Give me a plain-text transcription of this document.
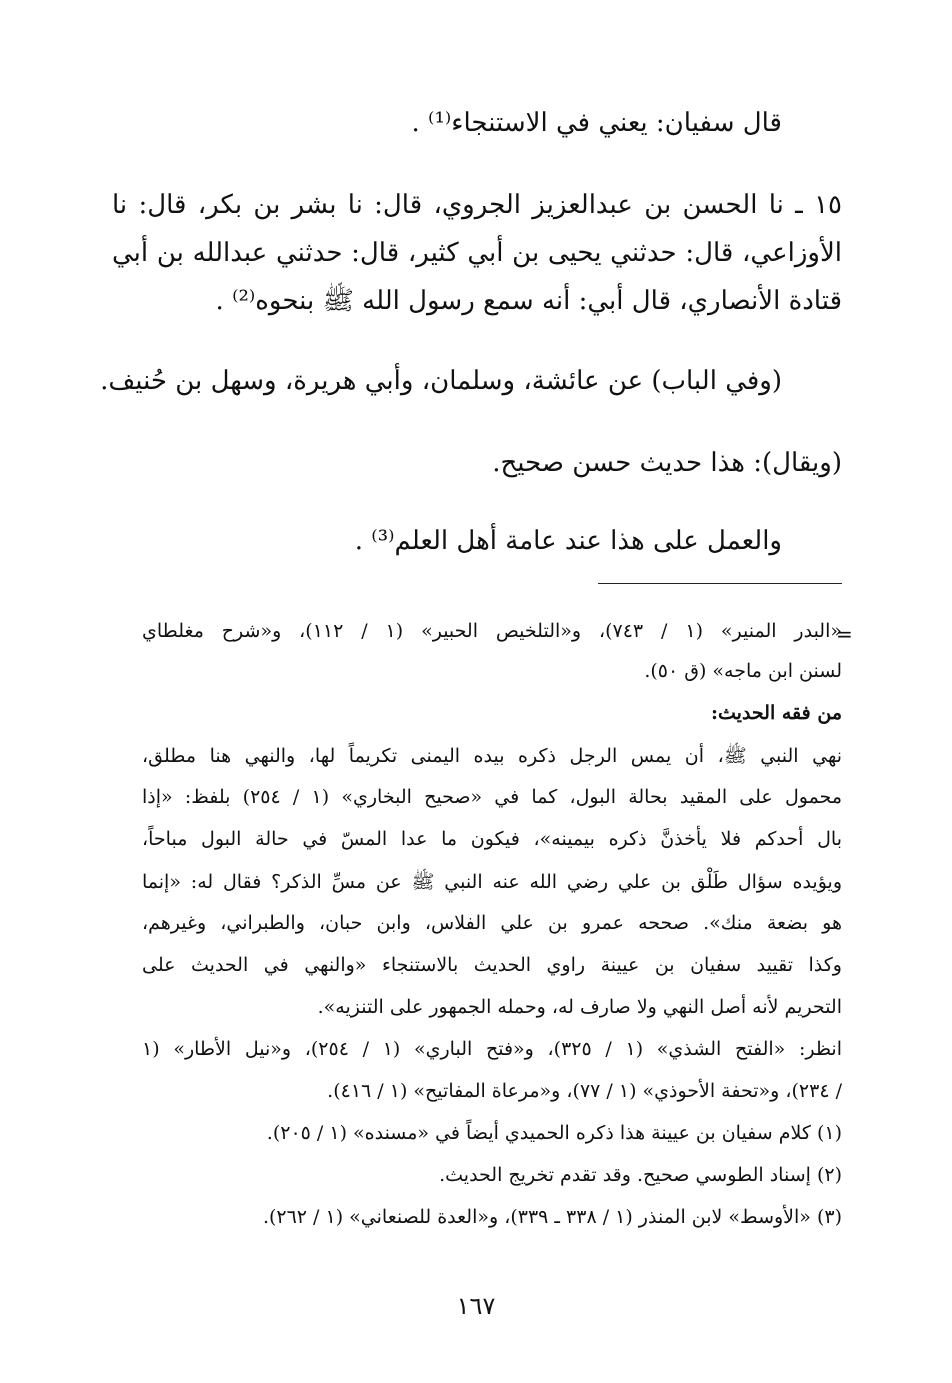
قال سفيان: يعني في الاستنجاء⁽¹⁾ .
١٥ ـ نا الحسن بن عبدالعزيز الجروي، قال: نا بشر بن بكر، قال: نا
الأوزاعي، قال: حدثني يحيى بن أبي كثير، قال: حدثني عبدالله بن أبي
قتادة الأنصاري، قال أبي: أنه سمع رسول الله ﷺ بنحوه⁽²⁾ .
(وفي الباب) عن عائشة، وسلمان، وأبي هريرة، وسهل بن حُنيف.
(ويقال): هذا حديث حسن صحيح.
والعمل على هذا عند عامة أهل العلم⁽³⁾ .
=
«البدر المنير» (١ / ٧٤٣)، و«التلخيص الحبير» (١ / ١١٢)، و«شرح مغلطاي
لسنن ابن ماجه» (ق ٥٠).
من فقه الحديث:
نهي النبي ﷺ، أن يمس الرجل ذكره بيده اليمنى تكريماً لها، والنهي هنا مطلق،
محمول على المقيد بحالة البول، كما في «صحيح البخاري» (١ / ٢٥٤) بلفظ: «إذا
بال أحدكم فلا يأخذنَّ ذكره بيمينه»، فيكون ما عدا المسّ في حالة البول مباحاً،
ويؤيده سؤال طَلْق بن علي رضي الله عنه النبي ﷺ عن مسِّ الذكر؟ فقال له: «إنما
هو بضعة منك». صححه عمرو بن علي الفلاس، وابن حبان، والطبراني، وغيرهم،
وكذا تقييد سفيان بن عيينة راوي الحديث بالاستنجاء «والنهي في الحديث على
التحريم لأنه أصل النهي ولا صارف له، وحمله الجمهور على التنزيه».
انظر: «الفتح الشذي» (١ / ٣٢٥)، و«فتح الباري» (١ / ٢٥٤)، و«نيل الأطار» (١
/ ٢٣٤)، و«تحفة الأحوذي» (١ / ٧٧)، و«مرعاة المفاتيح» (١ / ٤١٦).
(١) كلام سفيان بن عيينة هذا ذكره الحميدي أيضاً في «مسنده» (١ / ٢٠٥).
(٢) إسناد الطوسي صحيح. وقد تقدم تخريج الحديث.
(٣) «الأوسط» لابن المنذر (١ / ٣٣٨ ـ ٣٣٩)، و«العدة للصنعاني» (١ / ٢٦٢).
١٦٧
